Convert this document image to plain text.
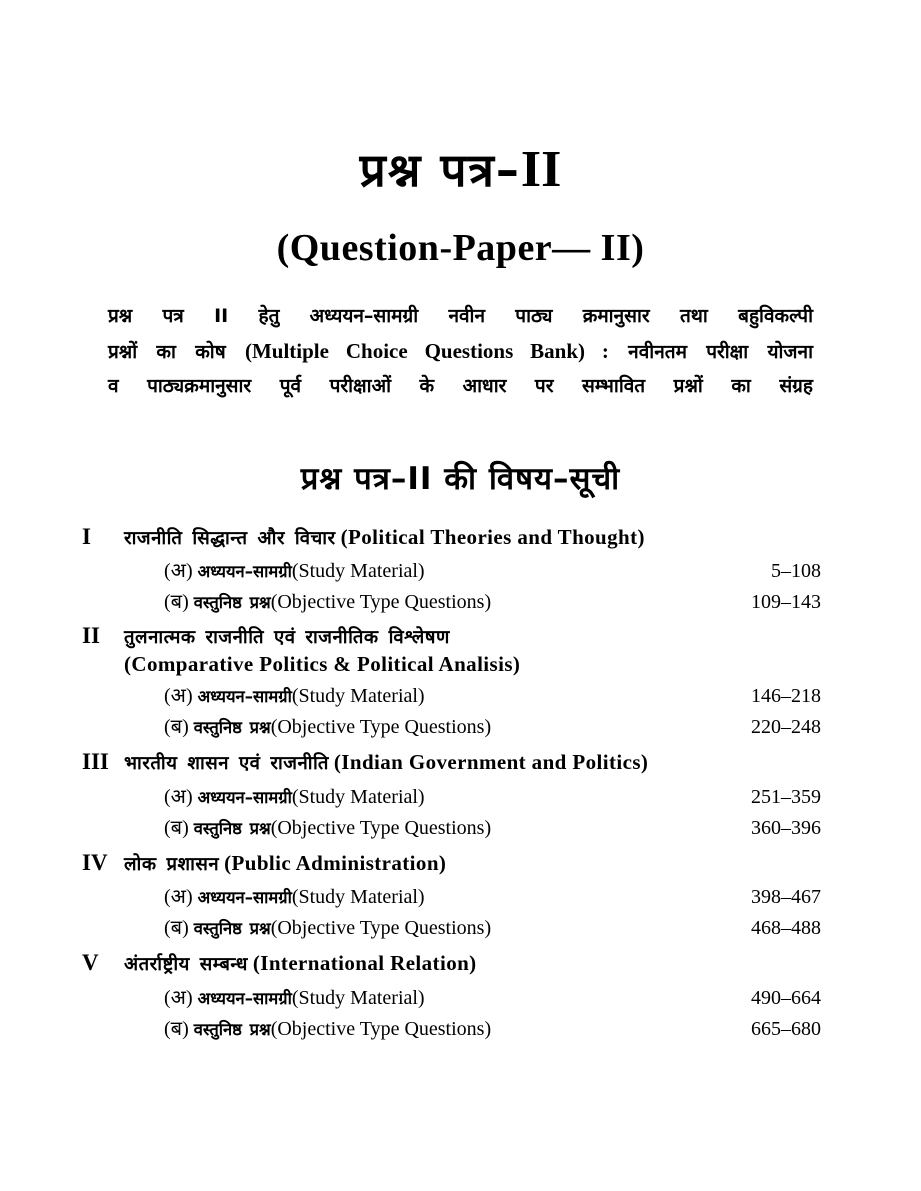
प्रश्न पत्र–II
(Question-Paper— II)
प्रश्न पत्र II हेतु अध्ययन–सामग्री नवीन पाठ्य क्रमानुसार तथा बहुविकल्पी
प्रश्नों का कोष (Multiple Choice Questions Bank) : नवीनतम परीक्षा योजना
व पाठ्यक्रमानुसार पूर्व परीक्षाओं के आधार पर सम्भावित प्रश्नों का संग्रह
प्रश्न पत्र–II की विषय–सूची
I	राजनीति सिद्धान्त और विचार (Political Theories and Thought)
(अ) अध्ययन–सामग्री(Study Material)	5–108
(ब) वस्तुनिष्ठ प्रश्न(Objective Type Questions)	109–143
II	तुलनात्मक राजनीति एवं राजनीतिक विश्लेषण
(Comparative Politics & Political Analisis)
(अ) अध्ययन–सामग्री(Study Material)	146–218
(ब) वस्तुनिष्ठ प्रश्न(Objective Type Questions)	220–248
III भारतीय शासन एवं राजनीति (Indian Government and Politics)
(अ) अध्ययन–सामग्री(Study Material)	251–359
(ब) वस्तुनिष्ठ प्रश्न(Objective Type Questions)	360–396
IV लोक प्रशासन (Public Administration)
(अ) अध्ययन–सामग्री(Study Material)	398–467
(ब) वस्तुनिष्ठ प्रश्न(Objective Type Questions)	468–488
V	अंतर्राष्ट्रीय सम्बन्ध (International Relation)
(अ) अध्ययन–सामग्री(Study Material)	490–664
(ब) वस्तुनिष्ठ प्रश्न(Objective Type Questions)	665–680
